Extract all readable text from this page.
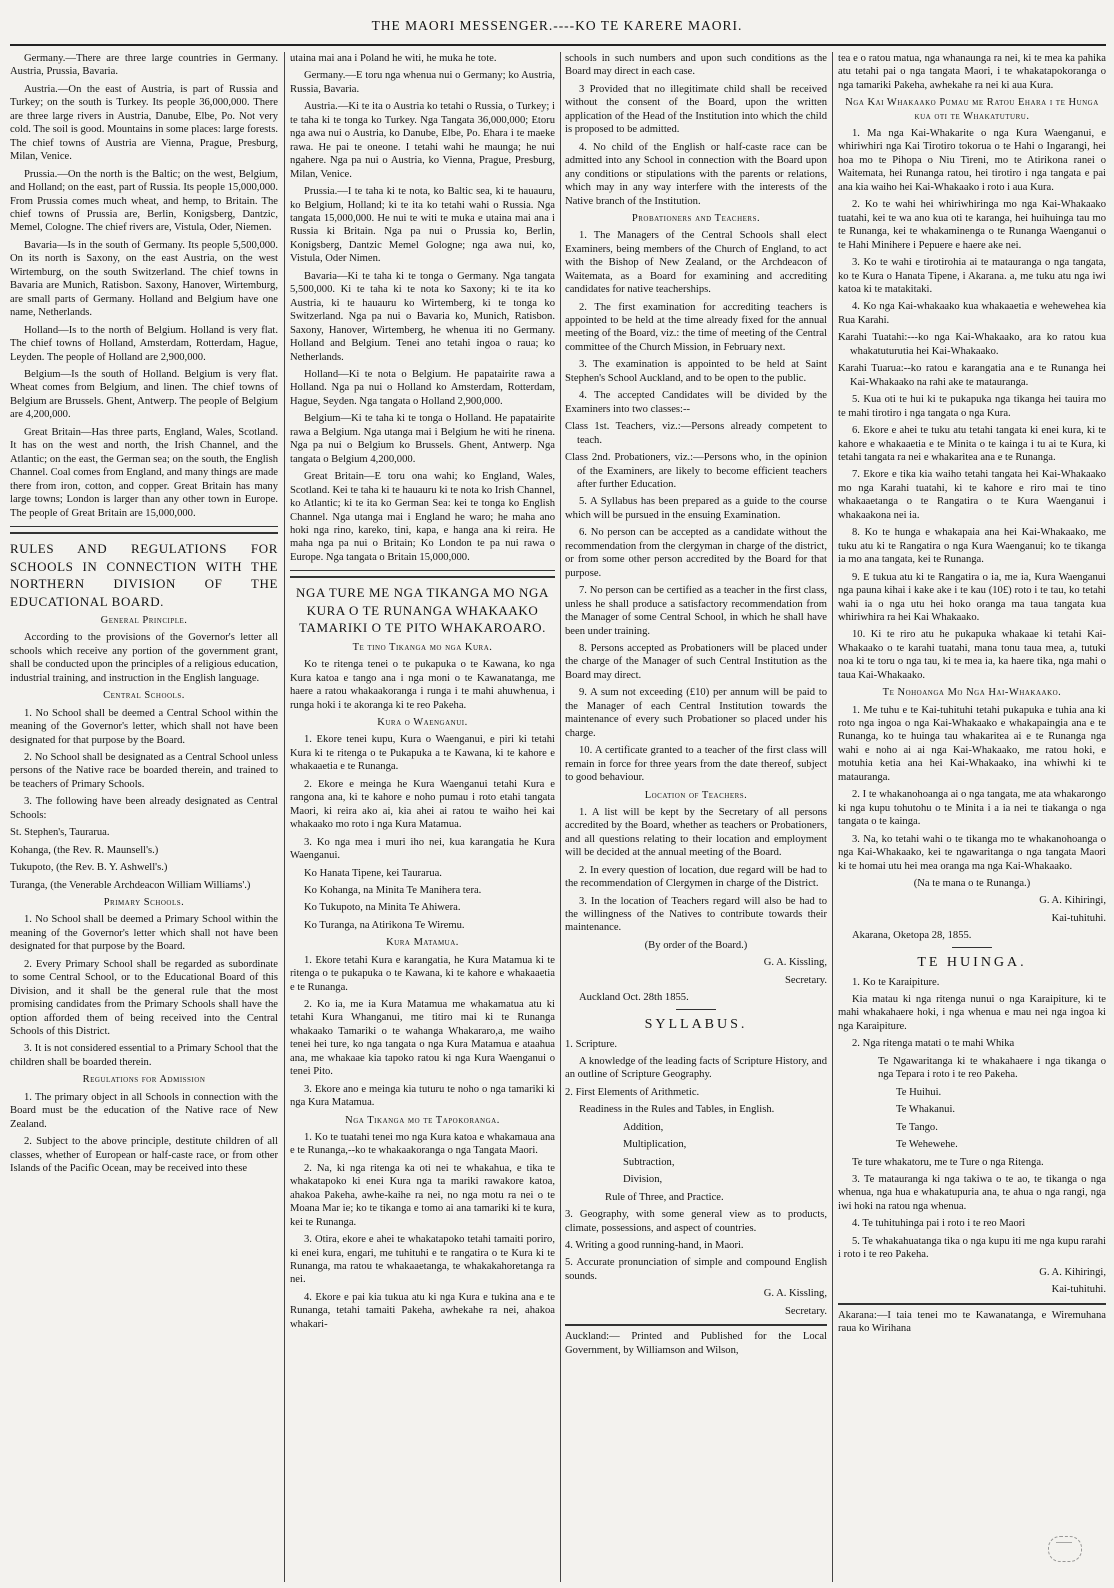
THE MAORI MESSENGER.----KO TE KARERE MAORI.

Germany.—There are three large countries in Germany. Austria, Prussia, Bavaria.

Austria.—On the east of Austria, is part of Russia and Turkey; on the south is Turkey. Its people 36,000,000. There are three large rivers in Austria, Danube, Elbe, Po. Not very cold. The soil is good. Mountains in some places: large forests. The chief towns of Austria are Vienna, Prague, Presburg, Milan, Venice.

Prussia.—On the north is the Baltic; on the west, Belgium, and Holland; on the east, part of Russia. Its people 15,000,000. From Prussia comes much wheat, and hemp, to Britain. The chief towns of Prussia are, Berlin, Konigsberg, Dantzic, Memel, Cologne. The chief rivers are, Vistula, Oder, Niemen.

Bavaria—Is in the south of Germany. Its people 5,500,000. On its north is Saxony, on the east Austria, on the west Wirtemburg, on the south Switzerland. The chief towns in Bavaria are Munich, Ratisbon. Saxony, Hanover, Wirtemburg, are small parts of Germany. Holland and Belgium have one name, Netherlands.

Holland—Is to the north of Belgium. Holland is very flat. The chief towns of Holland, Amsterdam, Rotterdam, Hague, Leyden. The people of Holland are 2,900,000.

Belgium—Is the south of Holland. Belgium is very flat. Wheat comes from Belgium, and linen. The chief towns of Belgium are Brussels. Ghent, Antwerp. The people of Belgium are 4,200,000.

Great Britain—Has three parts, England, Wales, Scotland. It has on the west and north, the Irish Channel, and the Atlantic; on the east, the German sea; on the south, the English Channel. Coal comes from England, and many things are made there from iron, cotton, and copper. Great Britain has many large towns; London is larger than any other town in Europe. The people of Great Britain are 15,000,000.

RULES AND REGULATIONS FOR SCHOOLS IN CONNECTION WITH THE NORTHERN DIVISION OF THE EDUCATIONAL BOARD.

General Principle.

According to the provisions of the Governor's letter all schools which receive any portion of the government grant, shall be conducted upon the principles of a religious education, industrial training, and instruction in the English language.

Central Schools.

1. No School shall be deemed a Central School within the meaning of the Governor's letter, which shall not have been designated for that purpose by the Board.

2. No School shall be designated as a Central School unless persons of the Native race be boarded therein, and trained to be teachers of Primary Schools.

3. The following have been already designated as Central Schools:

St. Stephen's, Taurarua.

Kohanga, (the Rev. R. Maunsell's.)

Tukupoto, (the Rev. B. Y. Ashwell's.)

Turanga, (the Venerable Archdeacon William Williams'.)

Primary Schools.

1. No School shall be deemed a Primary School within the meaning of the Governor's letter which shall not have been designated for that purpose by the Board.

2. Every Primary School shall be regarded as subordinate to some Central School, or to the Educational Board of this Division, and it shall be the general rule that the most promising candidates from the Primary Schools shall have the option afforded them of being received into the Central Schools of this District.

3. It is not considered essential to a Primary School that the children shall be boarded therein.

Regulations for Admission

1. The primary object in all Schools in connection with the Board must be the education of the Native race of New Zealand.

2. Subject to the above principle, destitute children of all classes, whether of European or half-caste race, or from other Islands of the Pacific Ocean, may be received into these

utaina mai ana i Poland he witi, he muka he tote.

Germany.—E toru nga whenua nui o Germany; ko Austria, Russia, Bavaria.

Austria.—Ki te ita o Austria ko tetahi o Russia, o Turkey; i te taha ki te tonga ko Turkey. Nga Tangata 36,000,000; Etoru nga awa nui o Austria, ko Danube, Elbe, Po. Ehara i te maeke rawa. He pai te oneone. I tetahi wahi he maunga; he nui ngahere. Nga pa nui o Austria, ko Vienna, Prague, Presburg, Milan, Venice.

Prussia.—I te taha ki te nota, ko Baltic sea, ki te hauauru, ko Belgium, Holland; ki te ita ko tetahi wahi o Russia. Nga tangata 15,000,000. He nui te witi te muka e utaina mai ana i Russia ki Britain. Nga pa nui o Prussia ko, Berlin, Konigsberg, Dantzic Memel Gologne; nga awa nui, ko, Vistula, Oder Nimen.

Bavaria—Ki te taha ki te tonga o Germany. Nga tangata 5,500,000. Ki te taha ki te nota ko Saxony; ki te ita ko Austria, ki te hauauru ko Wirtemberg, ki te tonga ko Switzerland. Nga pa nui o Bavaria ko, Munich, Ratisbon. Saxony, Hanover, Wirtemberg, he whenua iti no Germany. Holland and Belgium. Tenei ano tetahi ingoa o raua; ko Netherlands.

Holland—Ki te nota o Belgium. He papatairite rawa a Holland. Nga pa nui o Holland ko Amsterdam, Rotterdam, Hague, Seyden. Nga tangata o Holland 2,900,000.

Belgium—Ki te taha ki te tonga o Holland. He papatairite rawa a Belgium. Nga utanga mai i Belgium he witi he rinena. Nga pa nui o Belgium ko Brussels. Ghent, Antwerp. Nga tangata o Belgium 4,200,000.

Great Britain—E toru ona wahi; ko England, Wales, Scotland. Kei te taha ki te hauauru ki te nota ko Irish Channel, ko Atlantic; ki te ita ko German Sea: kei te tonga ko English Channel. Nga utanga mai i England he waro; he maha ano hoki nga rino, kareko, tini, kapa, e hanga ana ki reira. He maha nga pa nui o Britain; Ko London te pa nui rawa o Europe. Nga tangata o Britain 15,000,000.

NGA TURE ME NGA TIKANGA MO NGA KURA O TE RUNANGA WHAKAAKO TAMARIKI O TE PITO WHAKAROARO.

Te tino Tikanga mo nga Kura.

Ko te ritenga tenei o te pukapuka o te Kawana, ko nga Kura katoa e tango ana i nga moni o te Kawanatanga, me haere a ratou whakaakoranga i runga i te mahi ahuwhenua, i runga hoki i te akoranga ki te reo Pakeha.

Kura o Waenganui.

1. Ekore tenei kupu, Kura o Waenganui, e piri ki tetahi Kura ki te ritenga o te Pukapuka a te Kawana, ki te kahore e whakaaetia e te Runanga.

2. Ekore e meinga he Kura Waenganui tetahi Kura e rangona ana, ki te kahore e noho pumau i roto etahi tangata Maori, ki reira ako ai, kia ahei ai ratou te waiho hei kai whakaako mo roto i nga Kura Matamua.

3. Ko nga mea i muri iho nei, kua karangatia he Kura Waenganui.

Ko Hanata Tipene, kei Taurarua.

Ko Kohanga, na Minita Te Manihera tera.

Ko Tukupoto, na Minita Te Ahiwera.

Ko Turanga, na Atirikona Te Wiremu.

Kura Matamua.

1. Ekore tetahi Kura e karangatia, he Kura Matamua ki te ritenga o te pukapuka o te Kawana, ki te kahore e whakaaetia e te Runanga.

2. Ko ia, me ia Kura Matamua me whakamatua atu ki tetahi Kura Whanganui, me titiro mai ki te Runanga whakaako Tamariki o te wahanga Whakararo,a, me waiho tenei hei ture, ko nga tangata o nga Kura Matamua e ataahua ana, me whakaae kia tapoko ratou ki nga Kura Waenganui o tenei Pito.

3. Ekore ano e meinga kia tuturu te noho o nga tamariki ki nga Kura Matamua.

Nga Tikanga mo te Tapokoranga.

1. Ko te tuatahi tenei mo nga Kura katoa e whakamaua ana e te Runanga,--ko te whakaakoranga o nga Tangata Maori.

2. Na, ki nga ritenga ka oti nei te whakahua, e tika te whakatapoko ki enei Kura nga ta mariki rawakore katoa, ahakoa Pakeha, awhe-kaihe ra nei, no nga motu ra nei o te Moana Mar ie; ko te tikanga e tomo ai ana tamariki ki te kura, kei te Runanga.

3. Otira, ekore e ahei te whakatapoko tetahi tamaiti poriro, ki enei kura, engari, me tuhituhi e te rangatira o te Kura ki te Runanga, ma ratou te whakaaetanga, te whakakahoretanga ra nei.

4. Ekore e pai kia tukua atu ki nga Kura e tukina ana e te Runanga, tetahi tamaiti Pakeha, awhekahe ra nei, ahakoa whakari-

schools in such numbers and upon such conditions as the Board may direct in each case.

3 Provided that no illegitimate child shall be received without the consent of the Board, upon the written application of the Head of the Institution into which the child is proposed to be admitted.

4. No child of the English or half-caste race can be admitted into any School in connection with the Board upon any conditions or stipulations with the parents or relations, which may in any way interfere with the interests of the Native branch of the Institution.

Probationers and Teachers.

1. The Managers of the Central Schools shall elect Examiners, being members of the Church of England, to act with the Bishop of New Zealand, or the Archdeacon of Waitemata, as a Board for examining and accrediting candidates for native teacherships.

2. The first examination for accrediting teachers is appointed to be held at the time already fixed for the annual meeting of the Board, viz.: the time of meeting of the Central committee of the Church Mission, in February next.

3. The examination is appointed to be held at Saint Stephen's School Auckland, and to be open to the public.

4. The accepted Candidates will be divided by the Examiners into two classes:--

Class 1st. Teachers, viz.:—Persons already competent to teach.

Class 2nd. Probationers, viz.:—Persons who, in the opinion of the Examiners, are likely to become efficient teachers after further Education.

5. A Syllabus has been prepared as a guide to the course which will be pursued in the ensuing Examination.

6. No person can be accepted as a candidate without the recommendation from the clergyman in charge of the district, or from some other person accredited by the Board for that purpose.

7. No person can be certified as a teacher in the first class, unless he shall produce a satisfactory recommendation from the Manager of some Central School, in which he shall have been under training.

8. Persons accepted as Probationers will be placed under the charge of the Manager of such Central Institution as the Board may direct.

9. A sum not exceeding (£10) per annum will be paid to the Manager of each Central Institution towards the maintenance of every such Probationer so placed under his charge.

10. A certificate granted to a teacher of the first class will remain in force for three years from the date thereof, subject to good behaviour.

Location of Teachers.

1. A list will be kept by the Secretary of all persons accredited by the Board, whether as teachers or Probationers, and all questions relating to their location and employment will be decided at the annual meeting of the Board.

2. In every question of location, due regard will be had to the recommendation of Clergymen in charge of the District.

3. In the location of Teachers regard will also be had to the willingness of the Natives to contribute towards their maintenance.

(By order of the Board.)

G. A. Kissling,

Secretary.

Auckland Oct. 28th 1855.

SYLLABUS.

1. Scripture.

A knowledge of the leading facts of Scripture History, and an outline of Scripture Geography.

2. First Elements of Arithmetic.

Readiness in the Rules and Tables, in English.

Addition,

Multiplication,

Subtraction,

Division,

Rule of Three, and Practice.

3. Geography, with some general view as to products, climate, possessions, and aspect of countries.

4. Writing a good running-hand, in Maori.

5. Accurate pronunciation of simple and compound English sounds.

G. A. Kissling,

Secretary.

Auckland:— Printed and Published for the Local Government, by Williamson and Wilson,

tea e o ratou matua, nga whanaunga ra nei, ki te mea ka pahika atu tetahi pai o nga tangata Maori, i te whakatapokoranga o nga tamariki Pakeha, awhekahe ra nei ki aua Kura.

Nga Kai Whakaako Pumau me Ratou Ehara i te Hunga kua oti te Whakatuturu.

1. Ma nga Kai-Whakarite o nga Kura Waenganui, e whiriwhiri nga Kai Tirotiro tokorua o te Hahi o Ingarangi, hei hoa mo te Pihopa o Niu Tireni, mo te Atirikona ranei o Waitemata, hei Runanga ratou, hei tirotiro i nga tangata e pai ana kia waiho hei Kai-Whakaako i roto i aua Kura.

2. Ko te wahi hei whiriwhiringa mo nga Kai-Whakaako tuatahi, kei te wa ano kua oti te karanga, hei huihuinga tau mo te Runanga, kei te whakaminenga o te Runanga Waenganui o te Hahi Minihere i Pepuere e haere ake nei.

3. Ko te wahi e tirotirohia ai te matauranga o nga tangata, ko te Kura o Hanata Tipene, i Akarana. a, me tuku atu nga iwi katoa ki te matakitaki.

4. Ko nga Kai-whakaako kua whakaaetia e wehewehea kia Rua Karahi.

Karahi Tuatahi:---ko nga Kai-Whakaako, ara ko ratou kua whakatuturutia hei Kai-Whakaako.

Karahi Tuarua:--ko ratou e karangatia ana e te Runanga hei Kai-Whakaako na rahi ake te matauranga.

5. Kua oti te hui ki te pukapuka nga tikanga hei tauira mo te mahi tirotiro i nga tangata o nga Kura.

6. Ekore e ahei te tuku atu tetahi tangata ki enei kura, ki te kahore e whakaaetia e te Minita o te kainga i tu ai te Kura, ki tetahi tangata ra nei e whakaritea ana e te Runanga.

7. Ekore e tika kia waiho tetahi tangata hei Kai-Whakaako mo nga Karahi tuatahi, ki te kahore e riro mai te tino whakaaetanga o te Rangatira o te Kura Waenganui i whakaakona nei ia.

8. Ko te hunga e whakapaia ana hei Kai-Whakaako, me tuku atu ki te Rangatira o nga Kura Waenganui; ko te tikanga ia mo ana tangata, kei te Runanga.

9. E tukua atu ki te Rangatira o ia, me ia, Kura Waenganui nga pauna kihai i kake ake i te kau (10£) roto i te tau, ko tetahi wahi ia o nga utu hei hoko oranga ma taua tangata kua whiriwhira ra hei Kai Whakaako.

10. Ki te riro atu he pukapuka whakaae ki tetahi Kai-Whakaako o te karahi tuatahi, mana tonu taua mea, a, tutuki noa ki te toru o nga tau, ki te mea ia, ka haere tika, nga mahi o taua Kai-Whakaako.

Te Nohoanga Mo Nga Hai-Whakaako.

1. Me tuhu e te Kai-tuhituhi tetahi pukapuka e tuhia ana ki roto nga ingoa o nga Kai-Whakaako e whakapaingia ana e te Runanga, ko te huinga tau whakaritea ai e te Runanga nga wahi e noho ai ai nga Kai-Whakaako, me ratou hoki, e motuhia ketia ana hei Kai-Whakaako, ina whiwhi ki te matauranga.

2. I te whakanohoanga ai o nga tangata, me ata whakarongo ki nga kupu tohutohu o te Minita i a ia nei te tiakanga o nga tangata o te kainga.

3. Na, ko tetahi wahi o te tikanga mo te whakanohoanga o nga Kai-Whakaako, kei te ngawaritanga o nga tangata Maori ki te homai utu hei mea oranga ma nga Kai-Whakaako.

(Na te mana o te Runanga.)

G. A. Kihiringi,

Kai-tuhituhi.

Akarana, Oketopa 28, 1855.

TE HUINGA.

1. Ko te Karaipiture.

Kia matau ki nga ritenga nunui o nga Karaipiture, ki te mahi whakahaere hoki, i nga whenua e mau nei nga ingoa ki nga Karaipiture.

2. Nga ritenga matati o te mahi Whika

Te Ngawaritanga ki te whakahaere i nga tikanga o nga Tepara i roto i te reo Pakeha.

Te Huihui.

Te Whakanui.

Te Tango.

Te Wehewehe.

Te ture whakatoru, me te Ture o nga Ritenga.

3. Te matauranga ki nga takiwa o te ao, te tikanga o nga whenua, nga hua e whakatupuria ana, te ahua o nga rangi, nga iwi hoki na ratou nga whenua.

4. Te tuhituhinga pai i roto i te reo Maori

5. Te whakahuatanga tika o nga kupu iti me nga kupu rarahi i roto i te reo Pakeha.

G. A. Kihiringi,

Kai-tuhituhi.

Akarana:—I taia tenei mo te Kawanatanga, e Wiremuhana raua ko Wirihana
